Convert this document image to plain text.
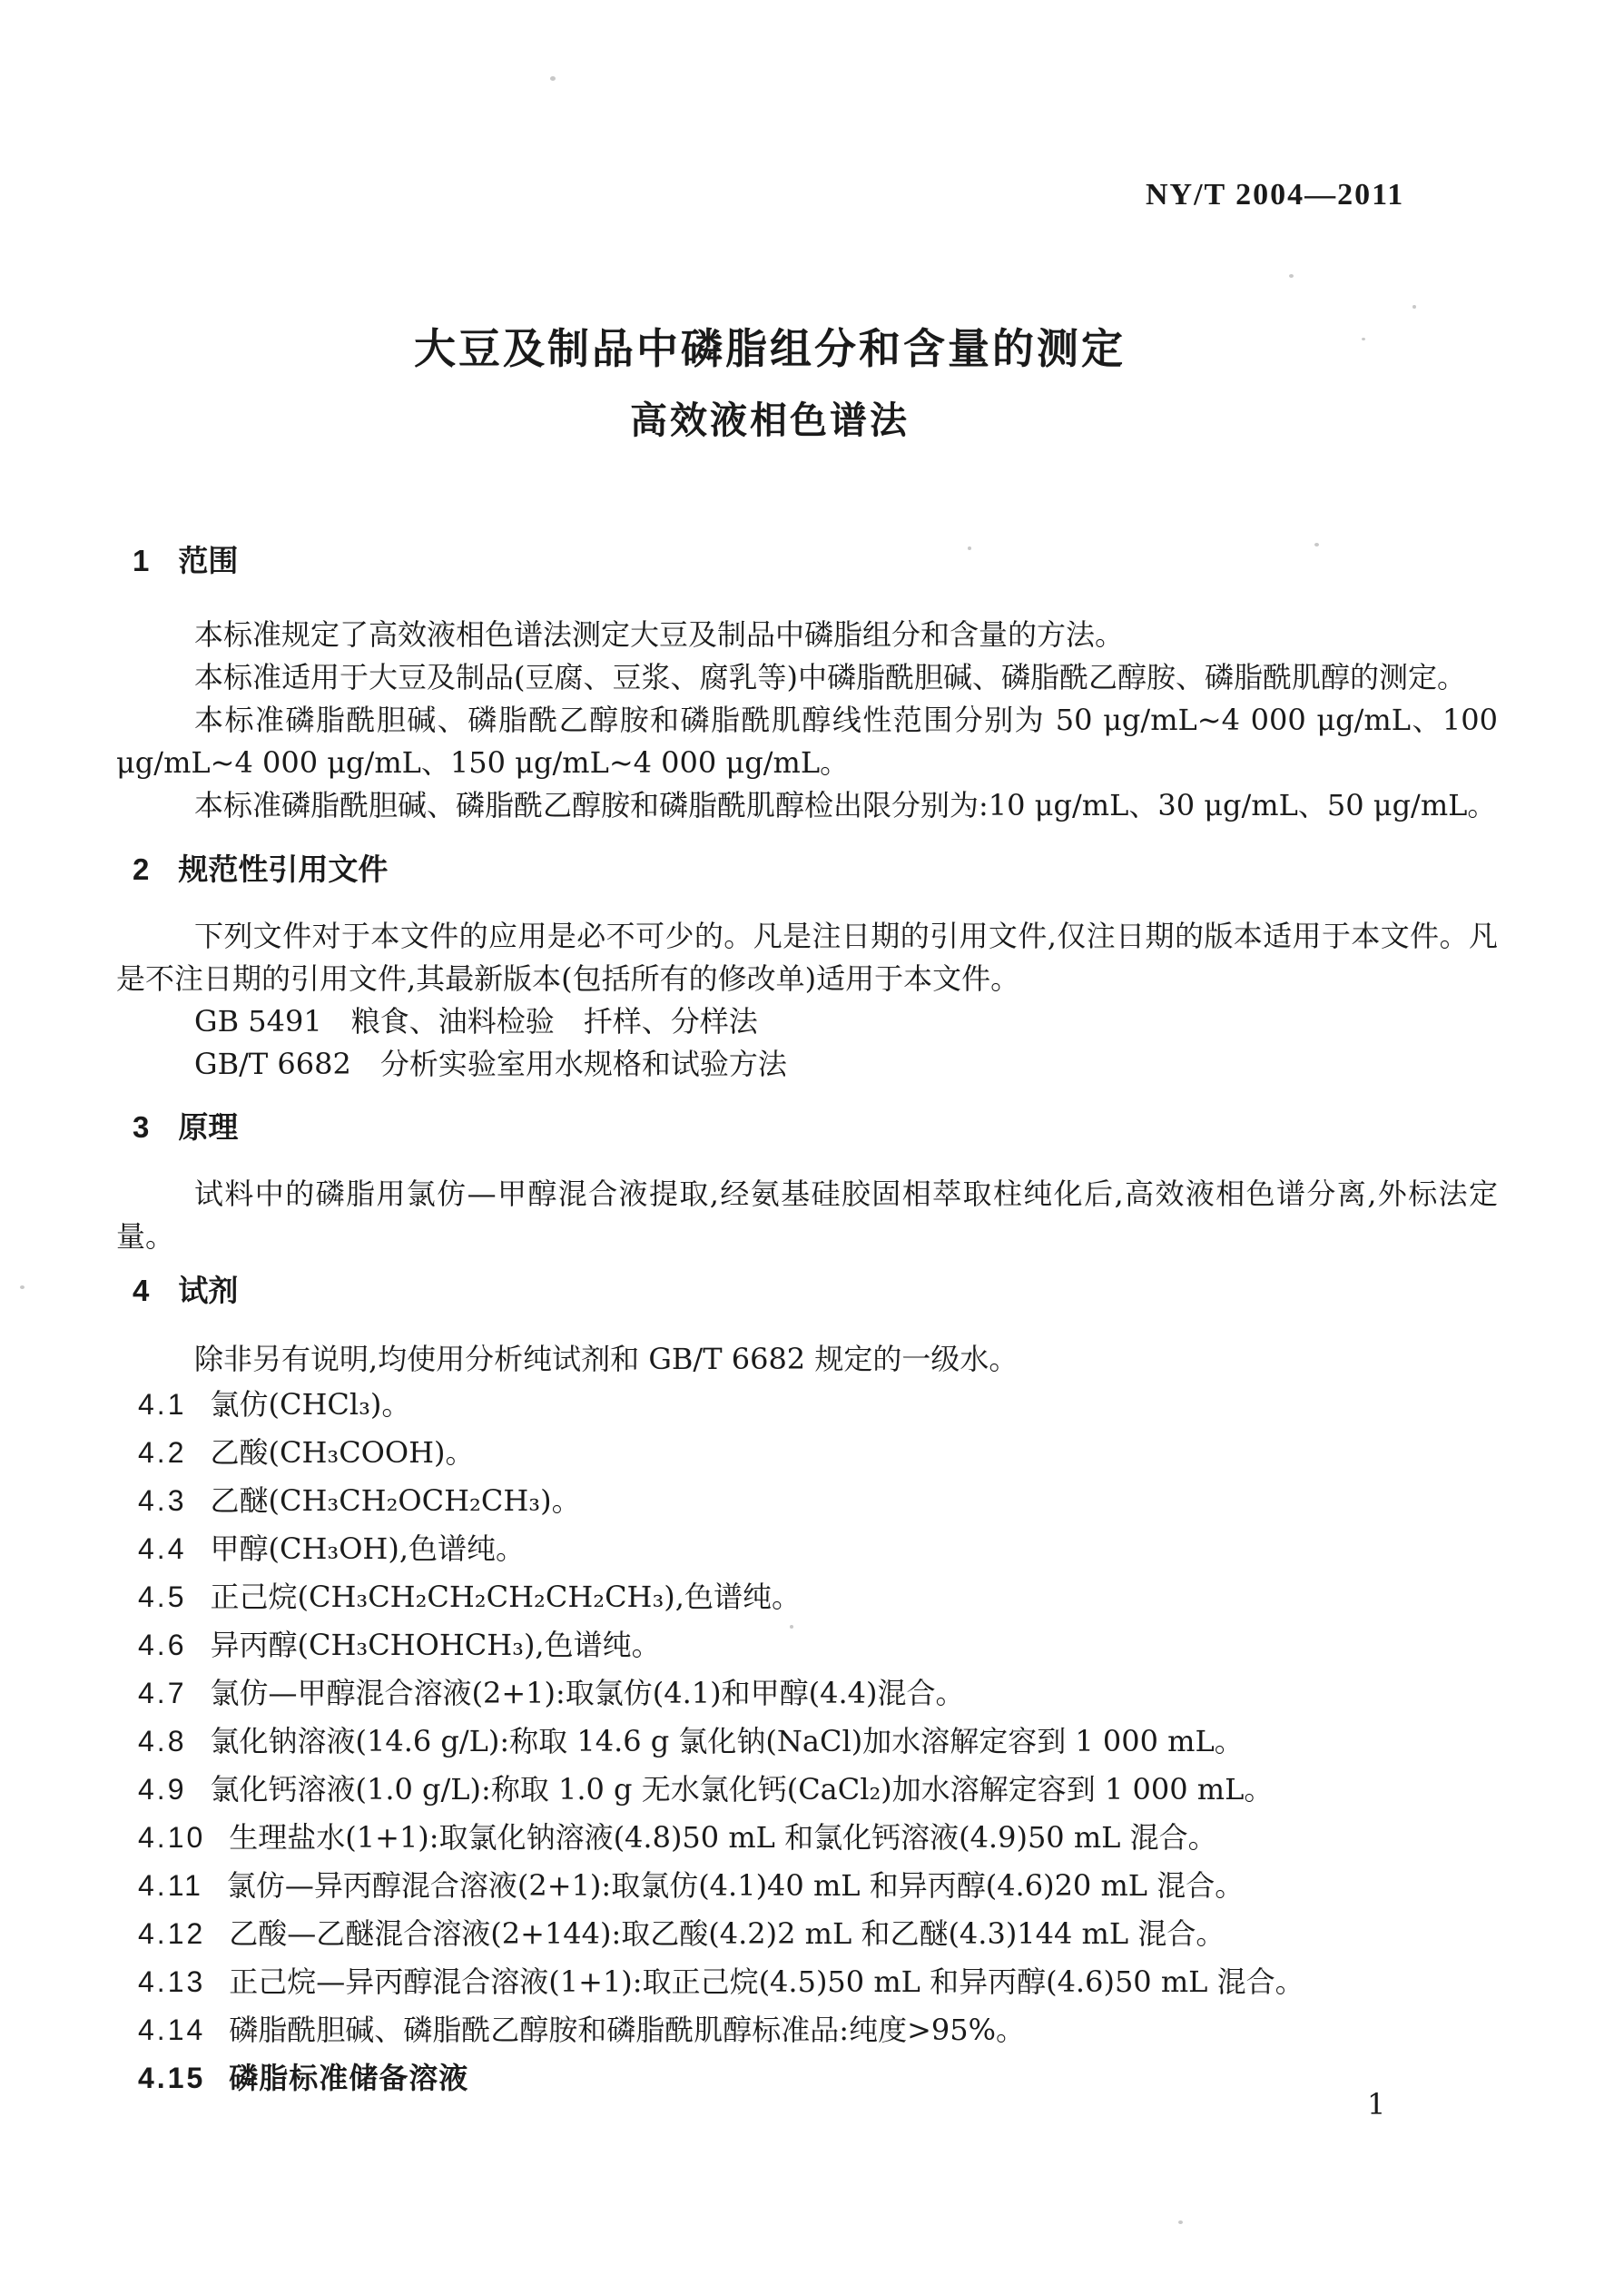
NY/T 2004—2011
大豆及制品中磷脂组分和含量的测定
高效液相色谱法
1 范围

本标准规定了高效液相色谱法测定大豆及制品中磷脂组分和含量的方法。

本标准适用于大豆及制品(豆腐、豆浆、腐乳等)中磷脂酰胆碱、磷脂酰乙醇胺、磷脂酰肌醇的测定。

本标准磷脂酰胆碱、磷脂酰乙醇胺和磷脂酰肌醇线性范围分别为 50 μg/mL~4 000 μg/mL、100 μg/mL~4 000 μg/mL、150 μg/mL~4 000 μg/mL。

本标准磷脂酰胆碱、磷脂酰乙醇胺和磷脂酰肌醇检出限分别为:10 μg/mL、30 μg/mL、50 μg/mL。

2 规范性引用文件

下列文件对于本文件的应用是必不可少的。凡是注日期的引用文件,仅注日期的版本适用于本文件。凡是不注日期的引用文件,其最新版本(包括所有的修改单)适用于本文件。

GB 5491　粮食、油料检验　扦样、分样法
GB/T 6682　分析实验室用水规格和试验方法
3 原理

试料中的磷脂用氯仿—甲醇混合液提取,经氨基硅胶固相萃取柱纯化后,高效液相色谱分离,外标法定量。

4 试剂

除非另有说明,均使用分析纯试剂和 GB/T 6682 规定的一级水。

4.1 氯仿(CHCl₃)。
4.2 乙酸(CH₃COOH)。
4.3 乙醚(CH₃CH₂OCH₂CH₃)。
4.4 甲醇(CH₃OH),色谱纯。
4.5 正己烷(CH₃CH₂CH₂CH₂CH₂CH₃),色谱纯。
4.6 异丙醇(CH₃CHOHCH₃),色谱纯。
4.7 氯仿—甲醇混合溶液(2+1):取氯仿(4.1)和甲醇(4.4)混合。
4.8 氯化钠溶液(14.6 g/L):称取 14.6 g 氯化钠(NaCl)加水溶解定容到 1 000 mL。
4.9 氯化钙溶液(1.0 g/L):称取 1.0 g 无水氯化钙(CaCl₂)加水溶解定容到 1 000 mL。
4.10 生理盐水(1+1):取氯化钠溶液(4.8)50 mL 和氯化钙溶液(4.9)50 mL 混合。
4.11 氯仿—异丙醇混合溶液(2+1):取氯仿(4.1)40 mL 和异丙醇(4.6)20 mL 混合。
4.12 乙酸—乙醚混合溶液(2+144):取乙酸(4.2)2 mL 和乙醚(4.3)144 mL 混合。
4.13 正己烷—异丙醇混合溶液(1+1):取正己烷(4.5)50 mL 和异丙醇(4.6)50 mL 混合。
4.14 磷脂酰胆碱、磷脂酰乙醇胺和磷脂酰肌醇标准品:纯度>95%。
4.15 磷脂标准储备溶液
1
